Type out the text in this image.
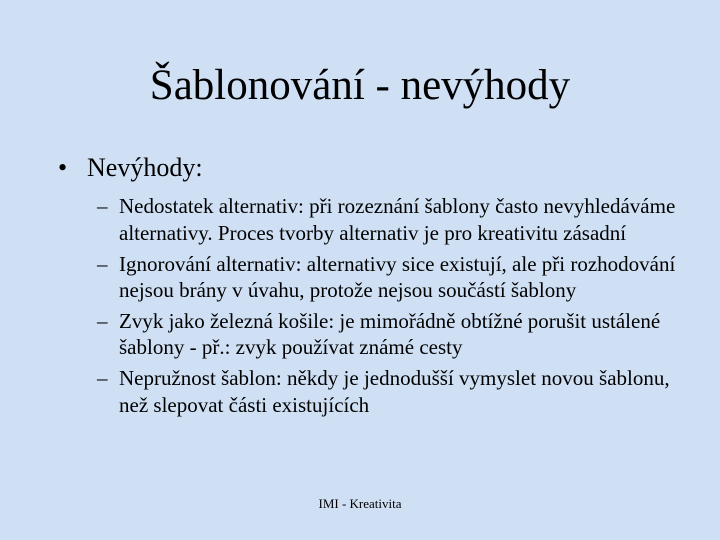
Šablonování - nevýhody
• Nevýhody:
– Nedostatek alternativ: při rozeznání šablony často nevyhledáváme alternativy. Proces tvorby alternativ je pro kreativitu zásadní
– Ignorování alternativ: alternativy sice existují, ale při rozhodování nejsou brány v úvahu, protože nejsou součástí šablony
– Zvyk jako železná košile: je mimořádně obtížné porušit ustálené šablony - př.: zvyk používat známé cesty
– Nepružnost šablon: někdy je jednodušší vymyslet novou šablonu, než slepovat části existujících
IMI - Kreativita
